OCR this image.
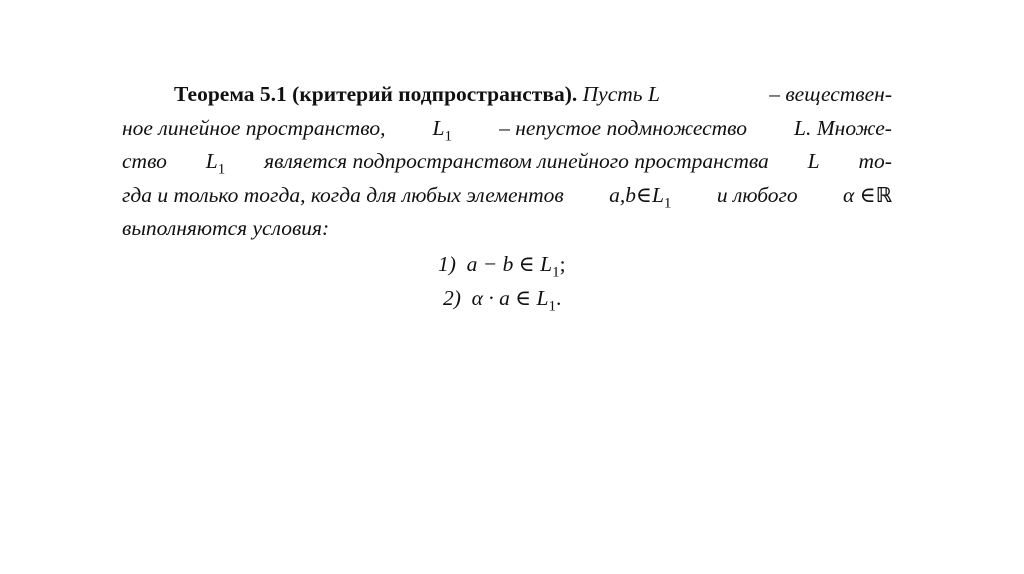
Теорема 5.1 (критерий подпространства). Пусть L	– веществен-
ное линейное пространство, $L_1$ – непустое подмножество L. Множе-
ство $L_1$ является подпространством линейного пространства L то-
гда и только тогда, когда для любых элементов $a,b\in L_1$ и любого α ∈ℝ
выполняются условия:
1) a − b ∈ $L_1$;
2) α · a ∈ $L_1$.
